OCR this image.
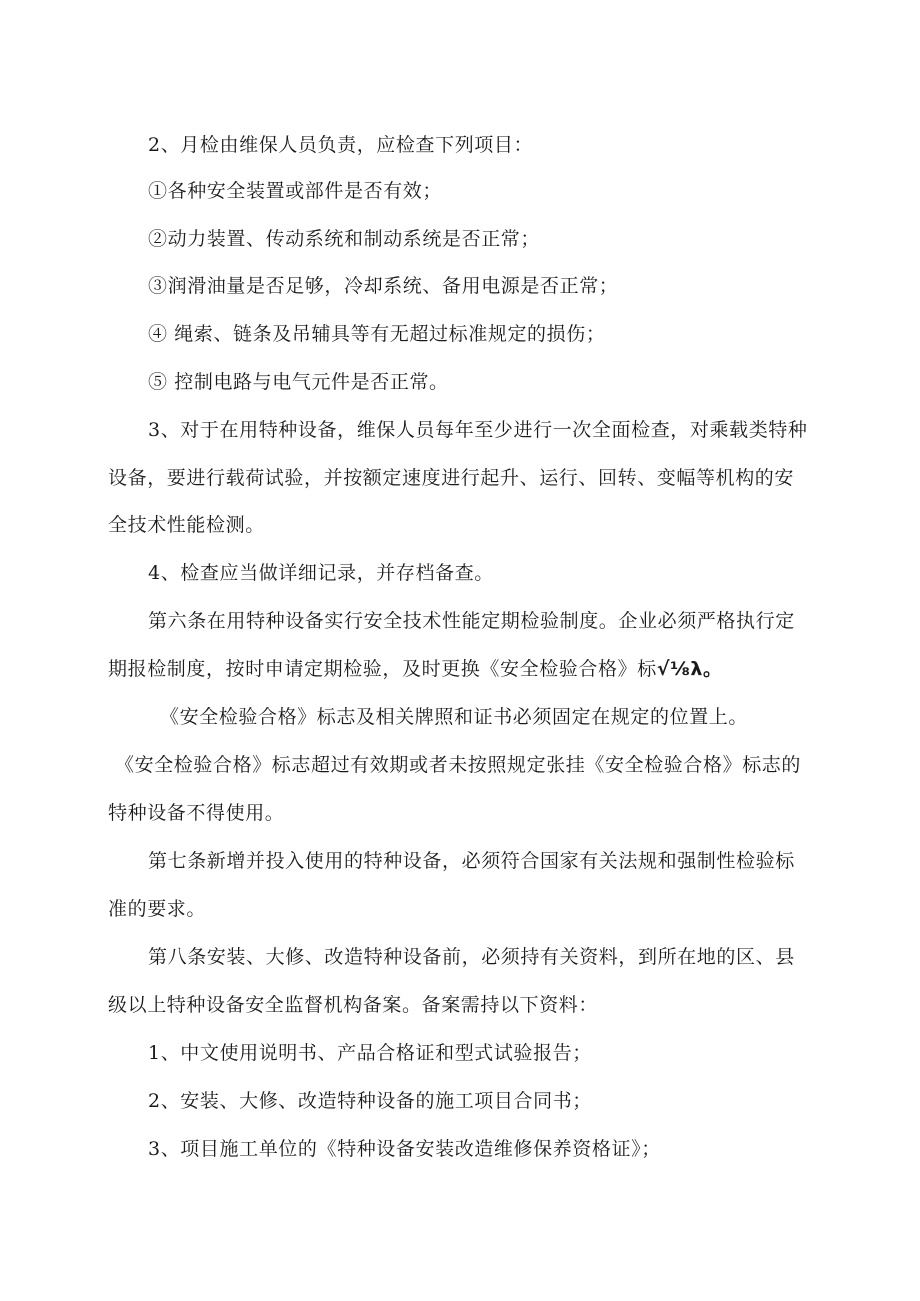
2、月检由维保人员负责，应检查下列项目：
①各种安全装置或部件是否有效；
②动力装置、传动系统和制动系统是否正常；
③润滑油量是否足够，冷却系统、备用电源是否正常；
④ 绳索、链条及吊辅具等有无超过标准规定的损伤；
⑤ 控制电路与电气元件是否正常。
3、对于在用特种设备，维保人员每年至少进行一次全面检查，对乘载类特种
设备，要进行载荷试验，并按额定速度进行起升、运行、回转、变幅等机构的安
全技术性能检测。
4、检查应当做详细记录，并存档备查。
第六条在用特种设备实行安全技术性能定期检验制度。企业必须严格执行定
期报检制度，按时申请定期检验，及时更换《安全检验合格》标√⅛λ。
《安全检验合格》标志及相关牌照和证书必须固定在规定的位置上。
《安全检验合格》标志超过有效期或者未按照规定张挂《安全检验合格》标志的
特种设备不得使用。
第七条新增并投入使用的特种设备，必须符合国家有关法规和强制性检验标
准的要求。
第八条安装、大修、改造特种设备前，必须持有关资料，到所在地的区、县
级以上特种设备安全监督机构备案。备案需持以下资料：
1、中文使用说明书、产品合格证和型式试验报告；
2、安装、大修、改造特种设备的施工项目合同书；
3、项目施工单位的《特种设备安装改造维修保养资格证》；
